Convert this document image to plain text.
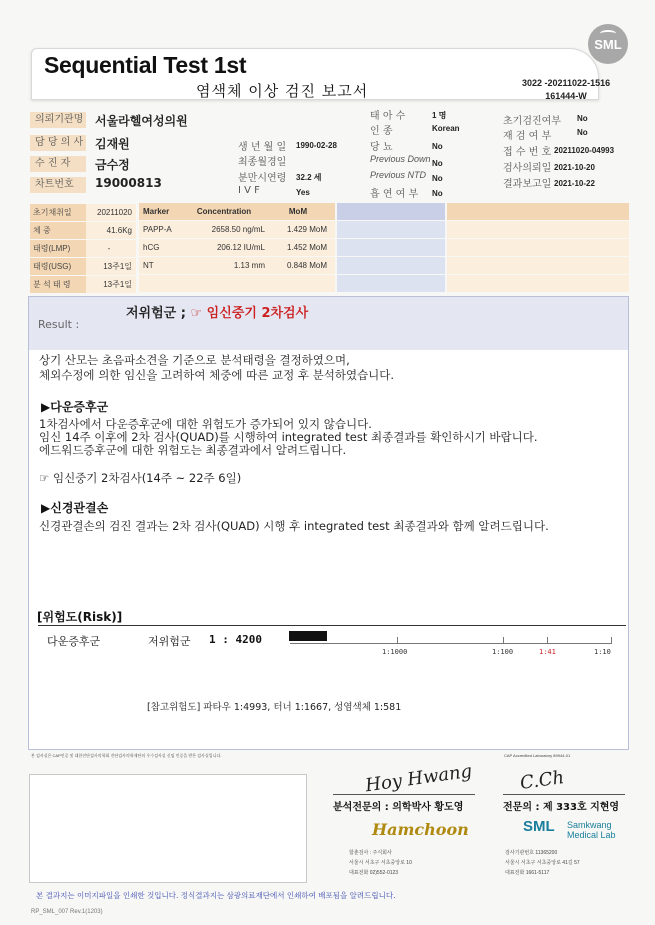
SML
Sequential Test 1st
염색체 이상 검진 보고서	3022 -20211022-1516
161444-W
의뢰기관명 서울라헬여성의원
담 당 의 사 김재원
수 진 자	금수정
차트번호	19000813
생 년 월 일 1990-02-28
최종월경일
분만시연령 32.2 세
I V F	Yes
태 아 수	1 명
인 종	Korean
당 뇨	No
Previous Down No
Previous NTD No
흡 연 여 부 No
초기검진여부 No
재 검 여 부	No
접 수 번 호 20211020-04993
검사의뢰일 2021-10-20
결과보고일 2021-10-22
초기채취일	20211020
체 중	41.6Kg
태령(LMP)	-
태령(USG)	13주1일
분 석 태 령	13주1일
Marker	Concentration	MoM
PAPP-A	2658.50 ng/mL	1.429 MoM
hCG	206.12 IU/mL	1.452 MoM
NT	1.13 mm	0.848 MoM
Result :
저위험군 ; ☞ 임신중기 2차검사
상기 산모는 초음파소견을 기준으로 분석태령을 결정하였으며,
체외수정에 의한 임신을 고려하여 체중에 따른 교정 후 분석하였습니다.
▶다운증후군
1차검사에서 다운증후군에 대한 위험도가 증가되어 있지 않습니다.
임신 14주 이후에 2차 검사(QUAD)를 시행하여 integrated test 최종결과를 확인하시기 바랍니다.
에드워드증후군에 대한 위험도는 최종결과에서 알려드립니다.
☞ 임신중기 2차검사(14주 ~ 22주 6일)
▶신경관결손
신경관결손의 검진 결과는 2차 검사(QUAD) 시행 후 integrated test 최종결과와 함께 알려드립니다.
[위험도(Risk)]
다운증후군	저위험군 1 : 4200
1:1000	1:100	1:41	1:10
[참고위험도] 파타우 1:4993, 터너 1:1667, 성염색체 1:581
본 검사실은 CAP인증 및 대한진단검사의학회 진단검사의학재단의 우수검사실 신임 인증을 받은 검사실입니다.	CAP Accredited Laboratory 89944-01
Hoy Hwang
분석전문의 : 의학박사 황도영
Hamchoon
함춘검사 : 주식회사
서울시 서초구 서초중앙로 10
대표전화 02)552-0123
C.Ch
전문의 : 제 333호 지현영
SML Samkwang
Medical Lab
검사기관번호 11365200
서울시 서초구 서초중앙로 41길 57
대표전화 1661-5117
본 결과지는 이미지파일을 인쇄한 것입니다. 정식결과지는 삼광의료재단에서 인쇄하여 배포됨을 알려드립니다.
RP_SML_007 Rev.1(1203)
